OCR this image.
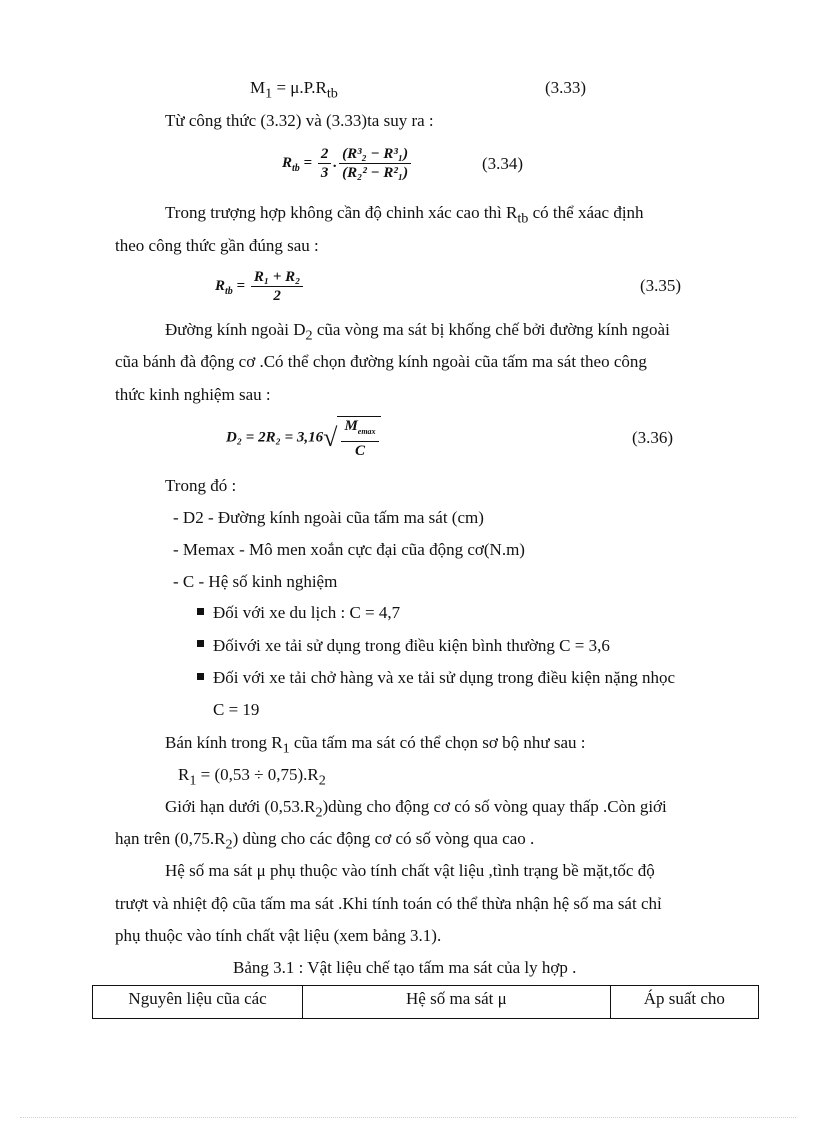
$M_1 = \mu.P.R_{tb}$	(3.33)
Từ công thức (3.32) và (3.33)ta suy ra :
$R_{tb} = \frac{2}{3}$ . $\frac{\text{(R³₂ − R³₁)}}{\text{(R₂² − R²₁)}}$	(3.34)
Trong trượng hợp không cần độ chinh xác cao thì $R_{tb}$ có thể xáac định
theo công thức gần đúng sau :
$R_{tb} = \frac{\text{R₁ + R₂}}{2}$	(3.35)
Đường kính ngoài $D_2$ cũa vòng ma sát bị khống chế bởi đường kính ngoài
cũa bánh đà động cơ .Có thể chọn đường kính ngoài cũa tấm ma sát theo công
thức kinh nghiệm sau :
D₂ = 2R₂ = 3,16 √ $\frac{M_{emax}}{C}$	(3.36)
Trong đó :
- D2 - Đường kính ngoài cũa tấm ma sát (cm)
- Memax - Mô men xoắn cực đại cũa động cơ(N.m)
- C - Hệ số kinh nghiệm
Đối với xe du lịch : C = 4,7
Đốivới xe tải sử dụng trong điều kiện bình thường C = 3,6
Đối với xe tải chở hàng và xe tải sử dụng trong điều kiện nặng nhọc
C = 19
Bán kính trong $R_1$ cũa tấm ma sát có thể chọn sơ bộ như sau :
$R_1 = (0,53 \div 0,75).R_2$
Giới hạn dưới $(0,53.R_2)dùng$ cho động cơ có số vòng quay thấp .Còn giới
hạn trên $(0,75.R_2)$ dùng cho các động cơ có số vòng qua cao .
Hệ số ma sát μ phụ thuộc vào tính chất vật liệu ,tình trạng bề mặt,tốc độ
trượt và nhiệt độ cũa tấm ma sát .Khi tính toán có thể thừa nhận hệ số ma sát chỉ
phụ thuộc vào tính chất vật liệu (xem bảng 3.1).
Bảng 3.1 : Vật liệu chế tạo tấm ma sát của ly hợp .
Nguyên liệu cũa các	Hệ số ma sát μ	Áp suất cho
